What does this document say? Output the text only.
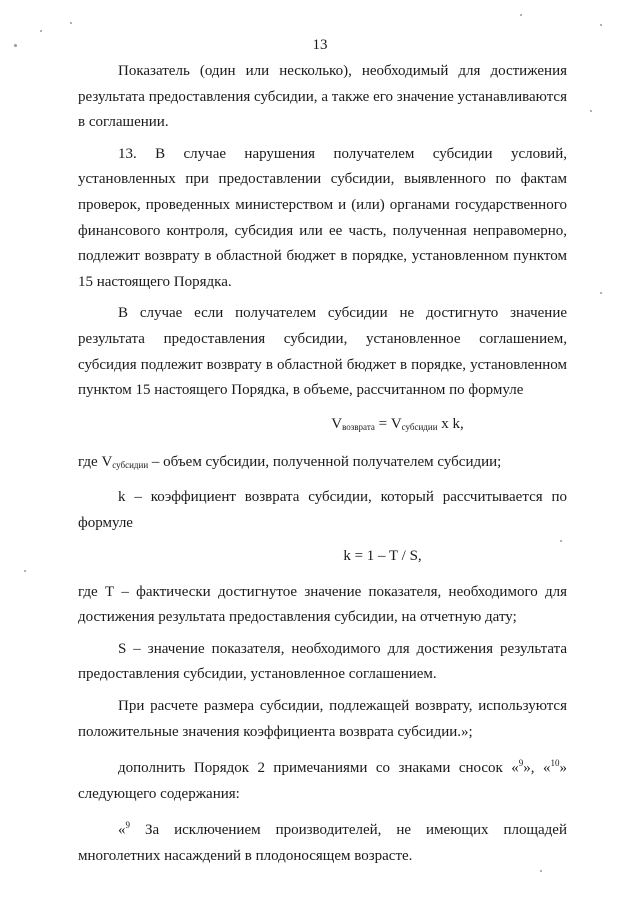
13

Показатель (один или несколько), необходимый для достижения результата предоставления субсидии, а также его значение устанавливаются в соглашении.

13. В случае нарушения получателем субсидии условий, установленных при предоставлении субсидии, выявленного по фактам проверок, проведенных министерством и (или) органами государственного финансового контроля, субсидия или ее часть, полученная неправомерно, подлежит возврату в областной бюджет в порядке, установленном пунктом 15 настоящего Порядка.

В случае если получателем субсидии не достигнуто значение результата предоставления субсидии, установленное соглашением, субсидия подлежит возврату в областной бюджет в порядке, установленном пунктом 15 настоящего Порядка, в объеме, рассчитанном по формуле

$V_{возврата} = V_{субсидии}$ x k,

где $V_{субсидии}$ – объем субсидии, полученной получателем субсидии;

k – коэффициент возврата субсидии, который рассчитывается по формуле

k = 1 – T / S,

где Т – фактически достигнутое значение показателя, необходимого для достижения результата предоставления субсидии, на отчетную дату;

S – значение показателя, необходимого для достижения результата предоставления субсидии, установленное соглашением.

При расчете размера субсидии, подлежащей возврату, используются положительные значения коэффициента возврата субсидии.»;

дополнить Порядок 2 примечаниями со знаками сносок «$^9$», «$^{10}$» следующего содержания:

«$^9$ За исключением производителей, не имеющих площадей многолетних насаждений в плодоносящем возрасте.
